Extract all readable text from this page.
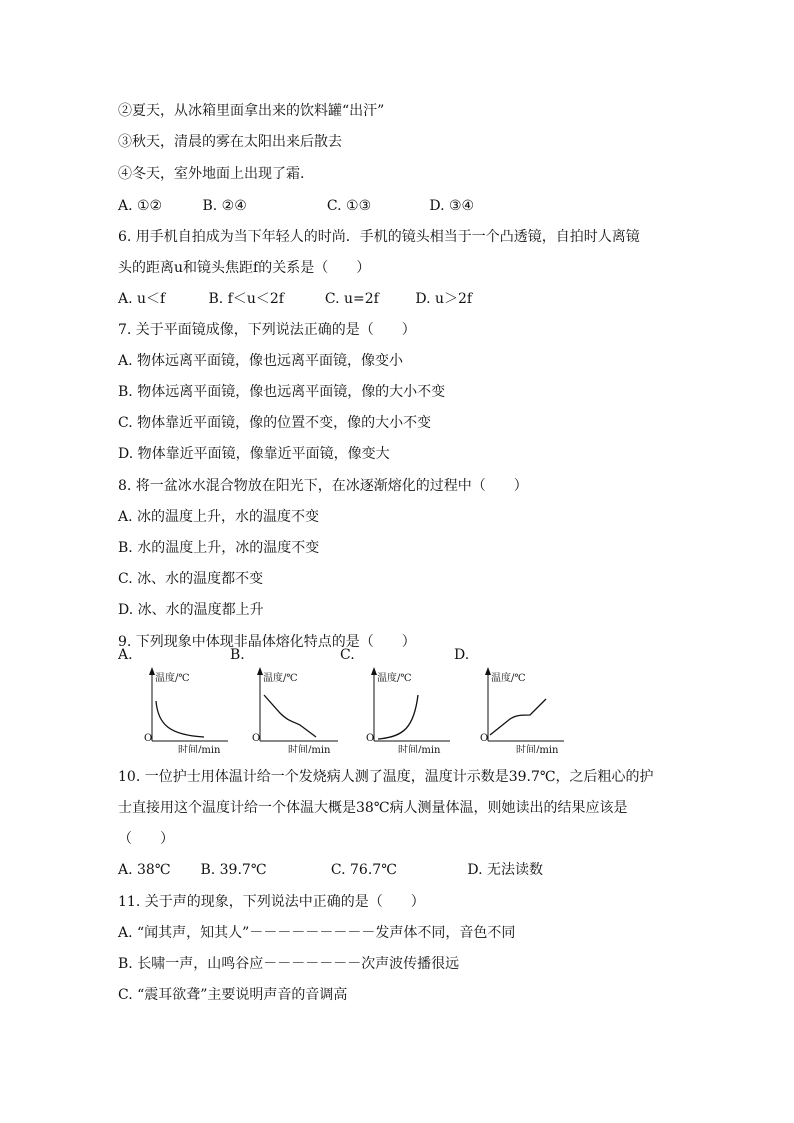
②夏天，从冰箱里面拿出来的饮料罐“出汗”
③秋天，清晨的雾在太阳出来后散去
④冬天，室外地面上出现了霜.
A. ①②	B. ②④	C. ①③	D. ③④
6. 用手机自拍成为当下年轻人的时尚．手机的镜头相当于一个凸透镜，自拍时人离镜
头的距离u和镜头焦距f的关系是（　　）
A. u＜f	B. f＜u＜2f	C. u=2f	D. u＞2f
7. 关于平面镜成像，下列说法正确的是（　　）
A. 物体远离平面镜，像也远离平面镜，像变小
B. 物体远离平面镜，像也远离平面镜，像的大小不变
C. 物体靠近平面镜，像的位置不变，像的大小不变
D. 物体靠近平面镜，像靠近平面镜，像变大
8. 将一盆冰水混合物放在阳光下，在冰逐渐熔化的过程中（　　）
A. 冰的温度上升，水的温度不变
B. 水的温度上升，冰的温度不变
C. 冰、水的温度都不变
D. 冰、水的温度都上升
9. 下列现象中体现非晶体熔化特点的是（　　）
A.
温度/℃
O
时间/min
B.
温度/℃
O
时间/min
C.
温度/℃
O
时间/min
D.
温度/℃
O
时间/min
10. 一位护士用体温计给一个发烧病人测了温度，温度计示数是39.7℃，之后粗心的护
士直接用这个温度计给一个体温大概是38℃病人测量体温，则她读出的结果应该是
（　　）
A. 38℃ B. 39.7℃	C. 76.7℃	D. 无法读数
11. 关于声的现象，下列说法中正确的是（　　）
A. “闻其声，知其人”－－－－－－－－－发声体不同，音色不同
B. 长啸一声，山鸣谷应－－－－－－－次声波传播很远
C. “震耳欲聋”主要说明声音的音调高
